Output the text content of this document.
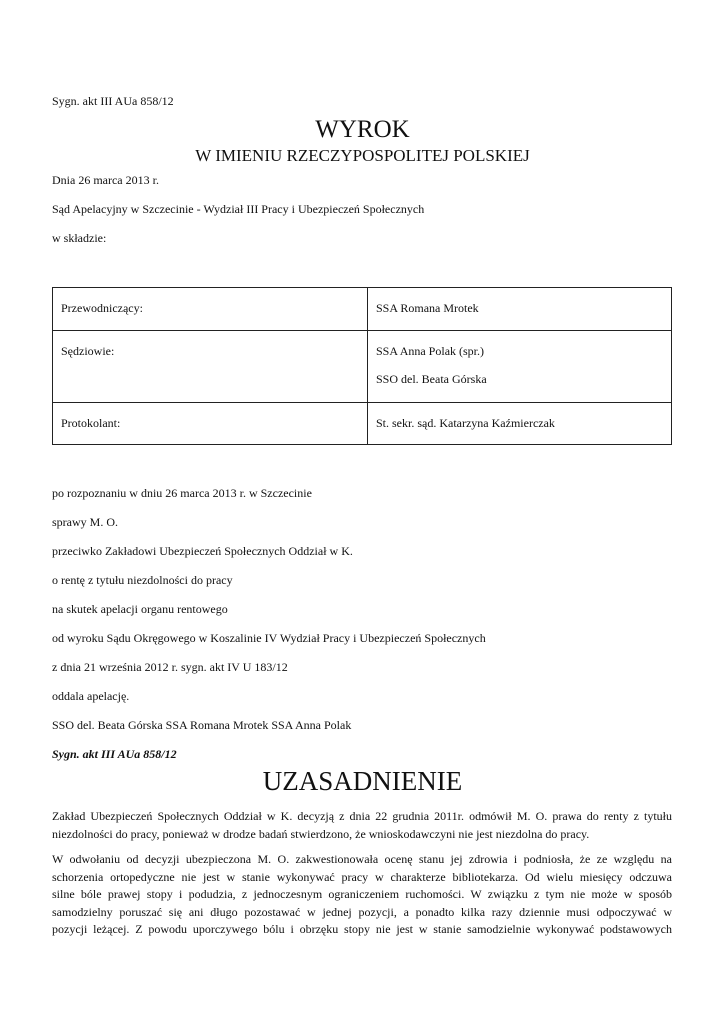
Sygn. akt III AUa 858/12
WYROK
W IMIENIU RZECZYPOSPOLITEJ POLSKIEJ
Dnia 26 marca 2013 r.
Sąd Apelacyjny w Szczecinie - Wydział III Pracy i Ubezpieczeń Społecznych
w składzie:
Przewodniczący:	SSA Romana Mrotek
Sędziowie:	SSA Anna Polak (spr.)
SSO del. Beata Górska

Protokolant:	St. sekr. sąd. Katarzyna Kaźmierczak
po rozpoznaniu w dniu 26 marca 2013 r. w Szczecinie
sprawy M. O.
przeciwko Zakładowi Ubezpieczeń Społecznych Oddział w K.
o rentę z tytułu niezdolności do pracy
na skutek apelacji organu rentowego
od wyroku Sądu Okręgowego w Koszalinie IV Wydział Pracy i Ubezpieczeń Społecznych
z dnia 21 września 2012 r. sygn. akt IV U 183/12
oddala apelację.
SSO del. Beata Górska SSA Romana Mrotek SSA Anna Polak
Sygn. akt III AUa 858/12
UZASADNIENIE
Zakład Ubezpieczeń Społecznych Oddział w K. decyzją z dnia 22 grudnia 2011r. odmówił M. O. prawa do renty z tytułu
niezdolności do pracy, ponieważ w drodze badań stwierdzono, że wnioskodawczyni nie jest niezdolna do pracy.
W odwołaniu od decyzji ubezpieczona M. O. zakwestionowała ocenę stanu jej zdrowia i podniosła, że ze względu na
schorzenia ortopedyczne nie jest w stanie wykonywać pracy w charakterze bibliotekarza. Od wielu miesięcy odczuwa
silne bóle prawej stopy i podudzia, z jednoczesnym ograniczeniem ruchomości. W związku z tym nie może w sposób
samodzielny poruszać się ani długo pozostawać w jednej pozycji, a ponadto kilka razy dziennie musi odpoczywać w
pozycji leżącej. Z powodu uporczywego bólu i obrzęku stopy nie jest w stanie samodzielnie wykonywać podstawowych
